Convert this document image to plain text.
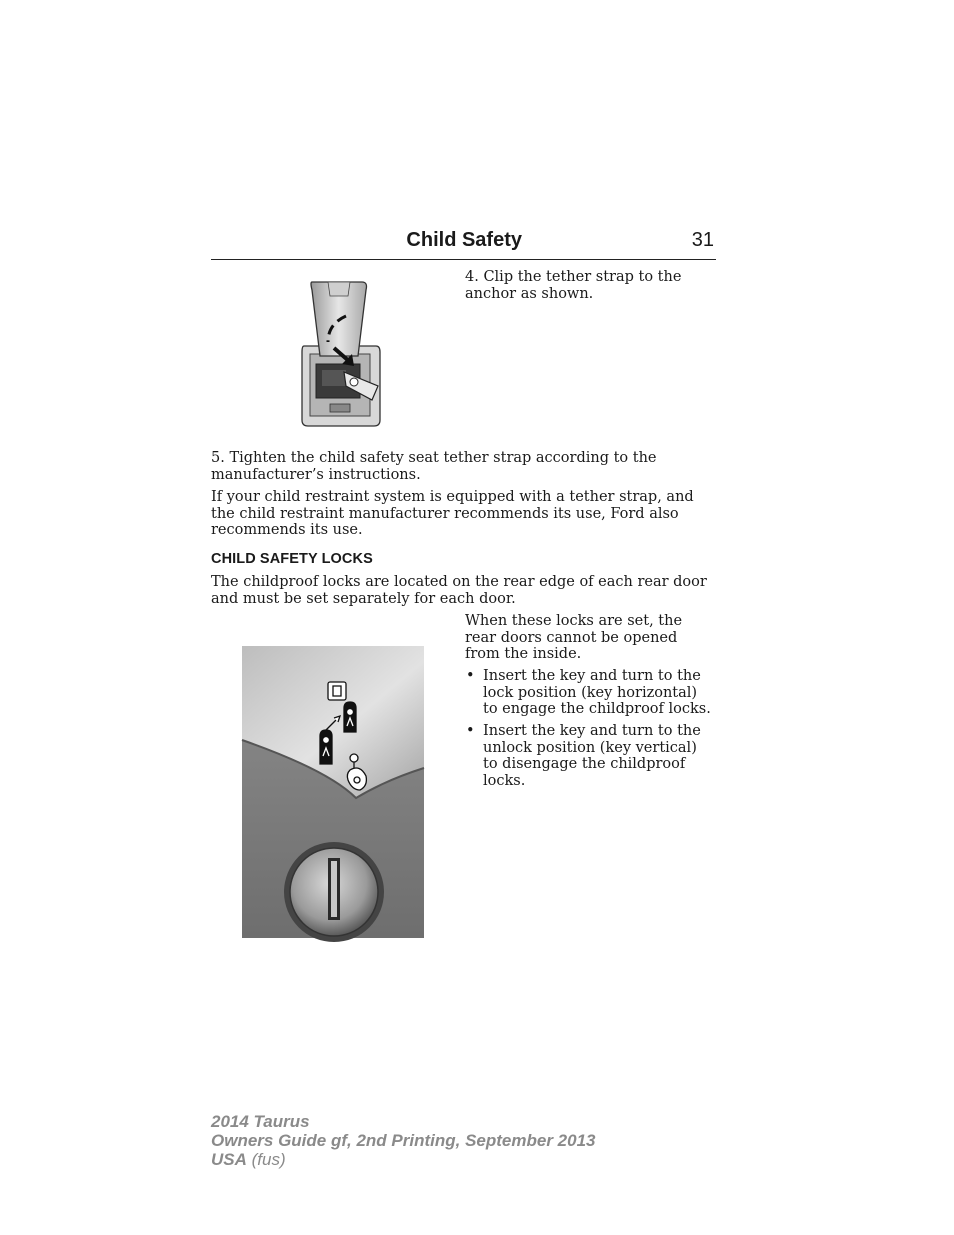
Child Safety	31

4. Clip the tether strap to the anchor as shown.

5. Tighten the child safety seat tether strap according to the manufacturer’s instructions.

If your child restraint system is equipped with a tether strap, and the child restraint manufacturer recommends its use, Ford also recommends its use.

CHILD SAFETY LOCKS

The childproof locks are located on the rear edge of each rear door and must be set separately for each door.

When these locks are set, the rear doors cannot be opened from the inside.

• Insert the key and turn to the lock position (key horizontal) to engage the childproof locks.
• Insert the key and turn to the unlock position (key vertical) to disengage the childproof locks.
2014 Taurus
Owners Guide gf, 2nd Printing, September 2013
USA (fus)
